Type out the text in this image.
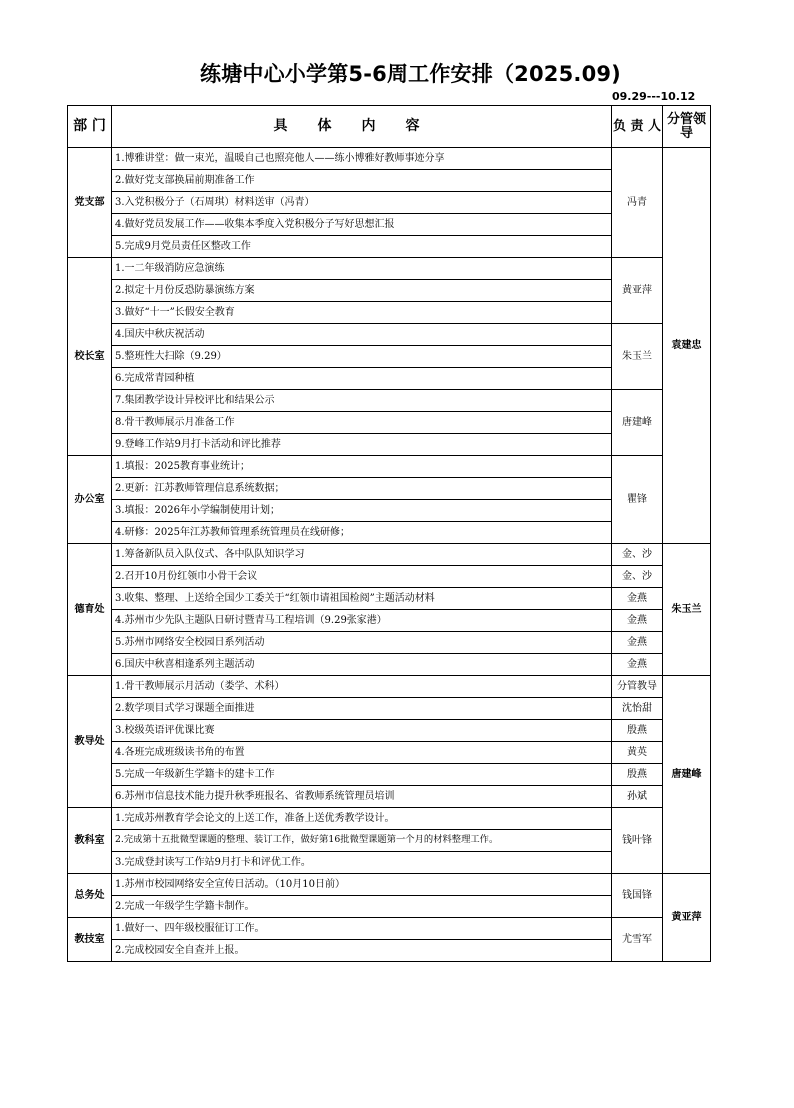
练塘中心小学第5-6周工作安排（2025.09)
09.29---10.12
部 门	具体内容	负 责 人	分管领导
党支部	1.博雅讲堂：做一束光，温暖自己也照亮他人——练小博雅好教师事迹分享	冯青	袁建忠
	2.做好党支部换届前期准备工作		
	3.入党积极分子（石周琪）材料送审（冯青）		
	4.做好党员发展工作——收集本季度入党积极分子写好思想汇报		
	5.完成9月党员责任区整改工作		
校长室	1.一二年级消防应急演练	黄亚萍	
	2.拟定十月份反恐防暴演练方案		
	3.做好“十一”长假安全教育		
	4.国庆中秋庆祝活动	朱玉兰	
	5.整班性大扫除（9.29）		
	6.完成常青园种植		
	7.集团教学设计异校评比和结果公示	唐建峰	
	8.骨干教师展示月准备工作		
	9.登峰工作站9月打卡活动和评比推荐		
办公室	1.填报：2025教育事业统计；	瞿锋	
	2.更新：江苏教师管理信息系统数据；		
	3.填报：2026年小学编制使用计划；		
	4.研修：2025年江苏教师管理系统管理员在线研修；		
德育处	1.筹备新队员入队仪式、各中队队知识学习	金、沙	朱玉兰
	2.召开10月份红领巾小骨干会议	金、沙	
	3.收集、整理、上送给全国少工委关于“红领巾请祖国检阅”主题活动材料	金燕	
	4.苏州市少先队主题队日研讨暨青马工程培训（9.29张家港）	金燕	
	5.苏州市网络安全校园日系列活动	金燕	
	6.国庆中秋喜相逢系列主题活动	金燕	
教导处	1.骨干教师展示月活动（娄学、术科）	分管教导	唐建峰
	2.数学项目式学习课题全面推进	沈怡甜	
	3.校级英语评优课比赛	殷燕	
	4.各班完成班级读书角的布置	黄英	
	5.完成一年级新生学籍卡的建卡工作	殷燕	
	6.苏州市信息技术能力提升秋季班报名、省教师系统管理员培训	孙斌	
教科室	1.完成苏州教育学会论文的上送工作，准备上送优秀教学设计。	钱叶锋	
	2.完成第十五批微型课题的整理、装订工作，做好第16批微型课题第一个月的材料整理工作。		
	3.完成登封读写工作站9月打卡和评优工作。		
总务处	1.苏州市校园网络安全宣传日活动。（10月10日前）	钱国锋	黄亚萍
	2.完成一年级学生学籍卡制作。		
教技室	1.做好一、四年级校服征订工作。	尤雪军	
	2.完成校园安全自查并上报。		
